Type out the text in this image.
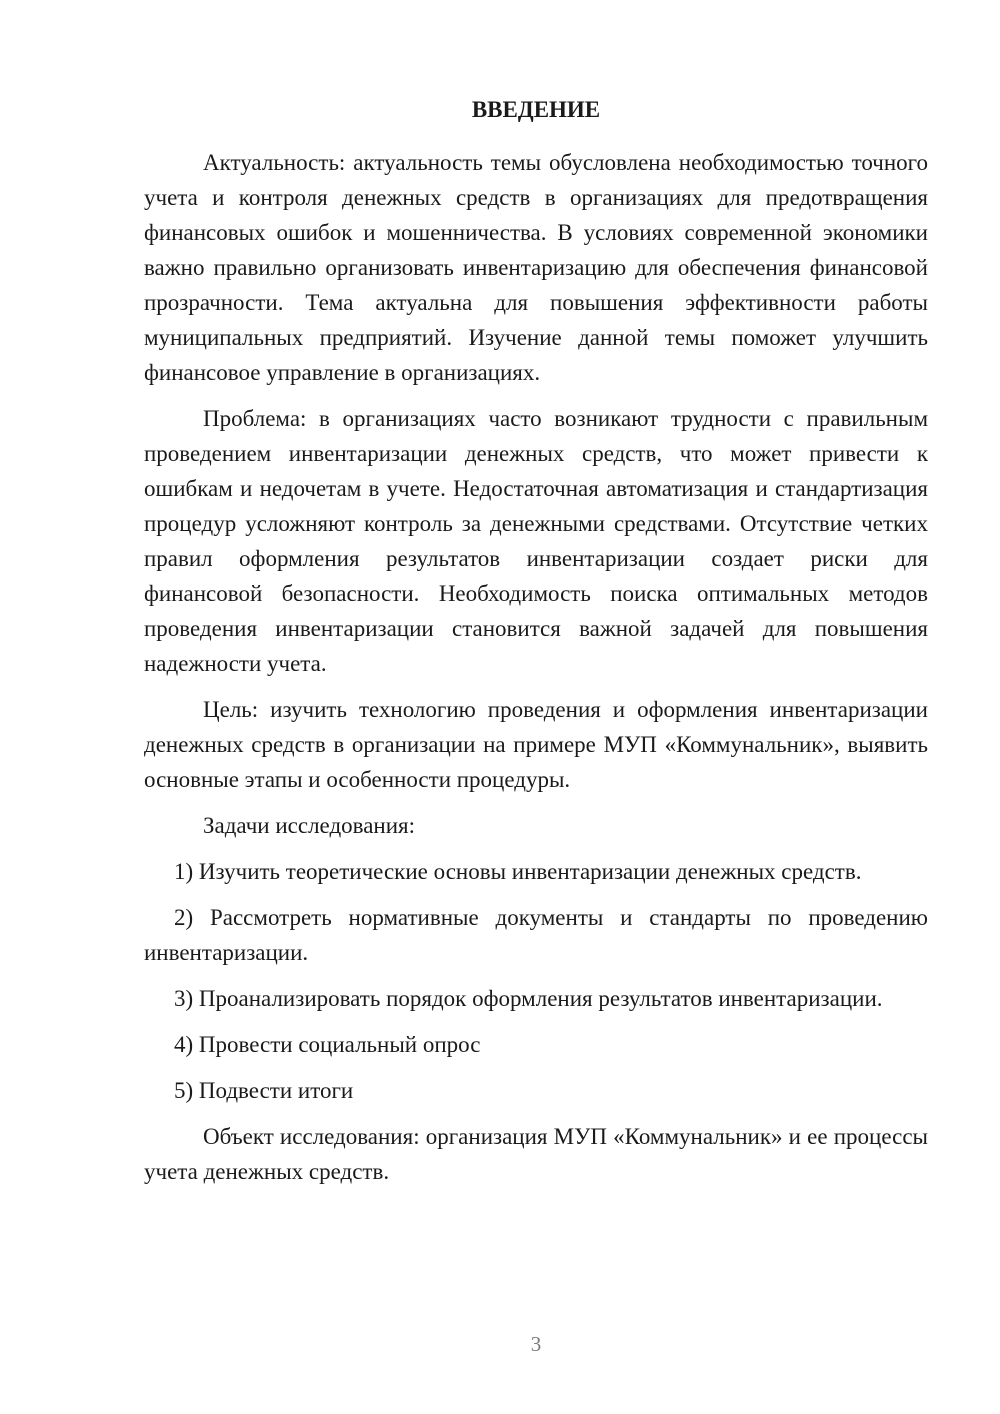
ВВЕДЕНИЕ

Актуальность: актуальность темы обусловлена необходимостью точного учета и контроля денежных средств в организациях для предотвращения финансовых ошибок и мошенничества. В условиях современной экономики важно правильно организовать инвентаризацию для обеспечения финансовой прозрачности. Тема актуальна для повышения эффективности работы муниципальных предприятий. Изучение данной темы поможет улучшить финансовое управление в организациях.

Проблема: в организациях часто возникают трудности с правильным проведением инвентаризации денежных средств, что может привести к ошибкам и недочетам в учете. Недостаточная автоматизация и стандартизация процедур усложняют контроль за денежными средствами. Отсутствие четких правил оформления результатов инвентаризации создает риски для финансовой безопасности. Необходимость поиска оптимальных методов проведения инвентаризации становится важной задачей для повышения надежности учета.

Цель: изучить технологию проведения и оформления инвентаризации денежных средств в организации на примере МУП «Коммунальник», выявить основные этапы и особенности процедуры.

Задачи исследования:

1) Изучить теоретические основы инвентаризации денежных средств.

2) Рассмотреть нормативные документы и стандарты по проведению инвентаризации.

3) Проанализировать порядок оформления результатов инвентаризации.

4) Провести социальный опрос

5) Подвести итоги

Объект исследования: организация МУП «Коммунальник» и ее процессы учета денежных средств.

3
